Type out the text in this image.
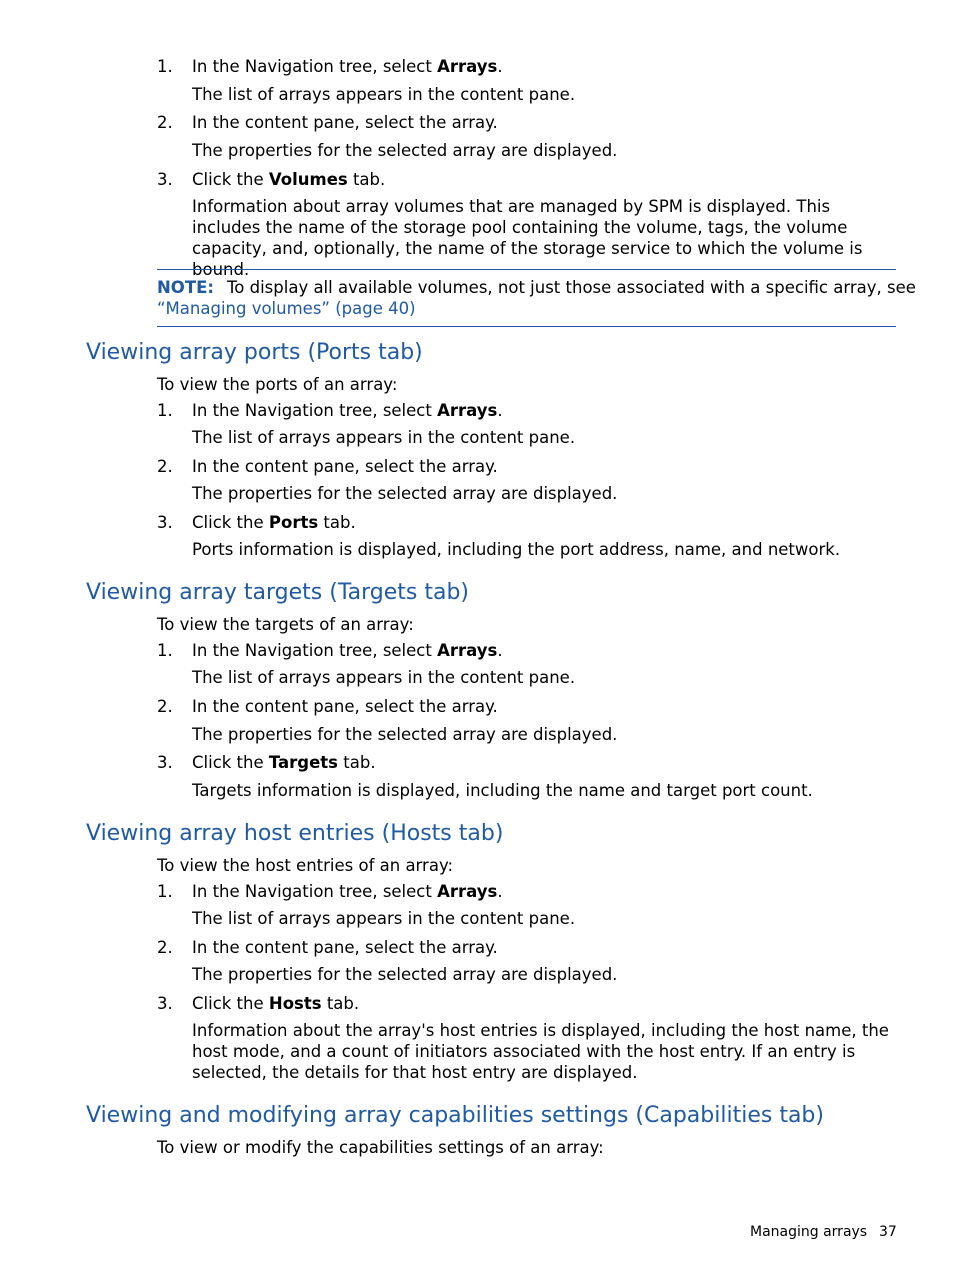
1. In the Navigation tree, select Arrays.
The list of arrays appears in the content pane.
2. In the content pane, select the array.
The properties for the selected array are displayed.
3. Click the Volumes tab.
Information about array volumes that are managed by SPM is displayed. This includes the name of the storage pool containing the volume, tags, the volume capacity, and, optionally, the name of the storage service to which the volume is bound.
NOTE: To display all available volumes, not just those associated with a specific array, see
“Managing volumes” (page 40)
Viewing array ports (Ports tab)
To view the ports of an array:
1. In the Navigation tree, select Arrays.
The list of arrays appears in the content pane.
2. In the content pane, select the array.
The properties for the selected array are displayed.
3. Click the Ports tab.
Ports information is displayed, including the port address, name, and network.
Viewing array targets (Targets tab)
To view the targets of an array:
1. In the Navigation tree, select Arrays.
The list of arrays appears in the content pane.
2. In the content pane, select the array.
The properties for the selected array are displayed.
3. Click the Targets tab.
Targets information is displayed, including the name and target port count.
Viewing array host entries (Hosts tab)
To view the host entries of an array:
1. In the Navigation tree, select Arrays.
The list of arrays appears in the content pane.
2. In the content pane, select the array.
The properties for the selected array are displayed.
3. Click the Hosts tab.
Information about the array's host entries is displayed, including the host name, the host mode, and a count of initiators associated with the host entry. If an entry is selected, the details for that host entry are displayed.
Viewing and modifying array capabilities settings (Capabilities tab)
To view or modify the capabilities settings of an array:
Managing arrays 37
